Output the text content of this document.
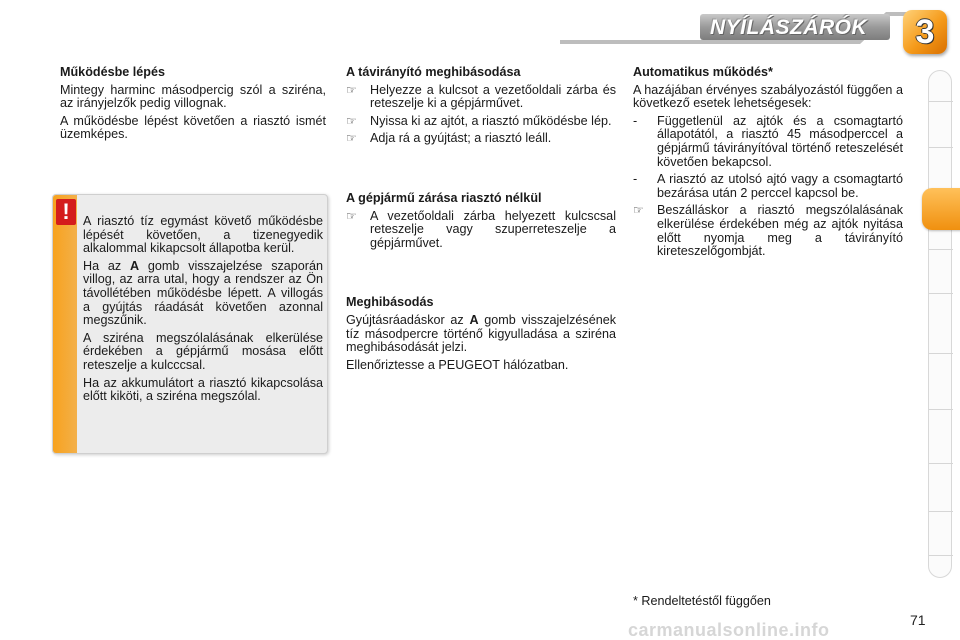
NYÍLÁSZÁRÓK	3
Működésbe lépés
Mintegy harminc másodpercig szól a sziréna, az irányjelzők pedig villognak.
A működésbe lépést követően a riasztó ismét üzemképes.
!	A riasztó tíz egymást követő működésbe lépését követően, a tizenegyedik alkalommal kikapcsolt állapotba kerül.
Ha az A gomb visszajelzése szaporán villog, az arra utal, hogy a rendszer az Ön távollétében működésbe lépett. A villogás a gyújtás ráadását követően azonnal megszűnik.
A sziréna megszólalásának elkerülése érdekében a gépjármű mosása előtt reteszelje a kulcccsal.
Ha az akkumulátort a riasztó kikapcsolása előtt kiköti, a sziréna megszólal.
A távirányító meghibásodása
☞	Helyezze a kulcsot a vezetőoldali zárba és reteszelje ki a gépjárművet.
☞	Nyissa ki az ajtót, a riasztó működésbe lép.
☞	Adja rá a gyújtást; a riasztó leáll.
A gépjármű zárása riasztó nélkül
☞	A vezetőoldali zárba helyezett kulcscsal reteszelje vagy szuperreteszelje a gépjárművet.
Meghibásodás
Gyújtásráadáskor az A gomb visszajelzésének tíz másodpercre történő kigyulladása a sziréna meghibásodását jelzi.
Ellenőriztesse a PEUGEOT hálózatban.
Automatikus működés*
A hazájában érvényes szabályozástól függően a következő esetek lehetségesek:
-	Függetlenül az ajtók és a csomagtartó állapotától, a riasztó 45 másodperccel a gépjármű távirányítóval történő reteszelését követően bekapcsol.
-	A riasztó az utolsó ajtó vagy a csomagtartó bezárása után 2 perccel kapcsol be.
☞	Beszálláskor a riasztó megszólalásának elkerülése érdekében még az ajtók nyitása előtt nyomja meg a távirányító kireteszelőgombját.
* Rendeltetéstől függően
carmanualsonline.info	71
